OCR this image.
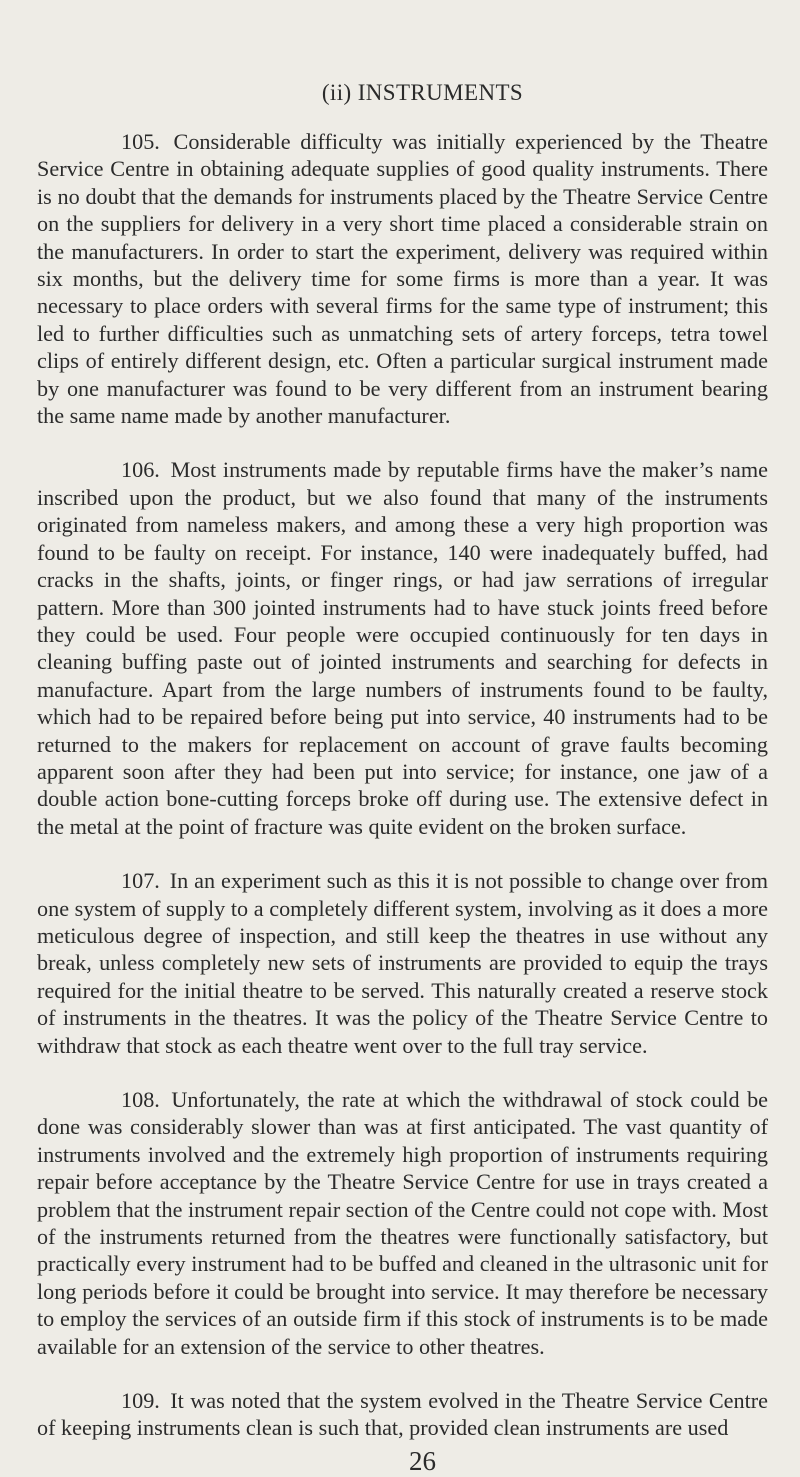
(ii) INSTRUMENTS

105. Considerable difficulty was initially experienced by the Theatre Service Centre in obtaining adequate supplies of good quality instruments. There is no doubt that the demands for instruments placed by the Theatre Service Centre on the suppliers for delivery in a very short time placed a considerable strain on the manufacturers. In order to start the experiment, delivery was required within six months, but the delivery time for some firms is more than a year. It was necessary to place orders with several firms for the same type of instrument; this led to further difficulties such as unmatching sets of artery forceps, tetra towel clips of entirely different design, etc. Often a particular surgical instrument made by one manufacturer was found to be very different from an instrument bearing the same name made by another manufacturer.

106. Most instruments made by reputable firms have the maker’s name inscribed upon the product, but we also found that many of the instruments originated from nameless makers, and among these a very high proportion was found to be faulty on receipt. For instance, 140 were inadequately buffed, had cracks in the shafts, joints, or finger rings, or had jaw serrations of irregular pattern. More than 300 jointed instruments had to have stuck joints freed before they could be used. Four people were occupied continuously for ten days in cleaning buffing paste out of jointed instruments and searching for defects in manufacture. Apart from the large numbers of instruments found to be faulty, which had to be repaired before being put into service, 40 instruments had to be returned to the makers for replacement on account of grave faults becoming apparent soon after they had been put into service; for instance, one jaw of a double action bone-cutting forceps broke off during use. The extensive defect in the metal at the point of fracture was quite evident on the broken surface.

107. In an experiment such as this it is not possible to change over from one system of supply to a completely different system, involving as it does a more meticulous degree of inspection, and still keep the theatres in use without any break, unless completely new sets of instruments are provided to equip the trays required for the initial theatre to be served. This naturally created a reserve stock of instruments in the theatres. It was the policy of the Theatre Service Centre to withdraw that stock as each theatre went over to the full tray service.

108. Unfortunately, the rate at which the withdrawal of stock could be done was considerably slower than was at first anticipated. The vast quantity of instruments involved and the extremely high proportion of instruments requiring repair before acceptance by the Theatre Service Centre for use in trays created a problem that the instrument repair section of the Centre could not cope with. Most of the instruments returned from the theatres were functionally satisfactory, but practically every instrument had to be buffed and cleaned in the ultrasonic unit for long periods before it could be brought into service. It may therefore be necessary to employ the services of an outside firm if this stock of instruments is to be made available for an extension of the service to other theatres.

109. It was noted that the system evolved in the Theatre Service Centre of keeping instruments clean is such that, provided clean instruments are used

26
